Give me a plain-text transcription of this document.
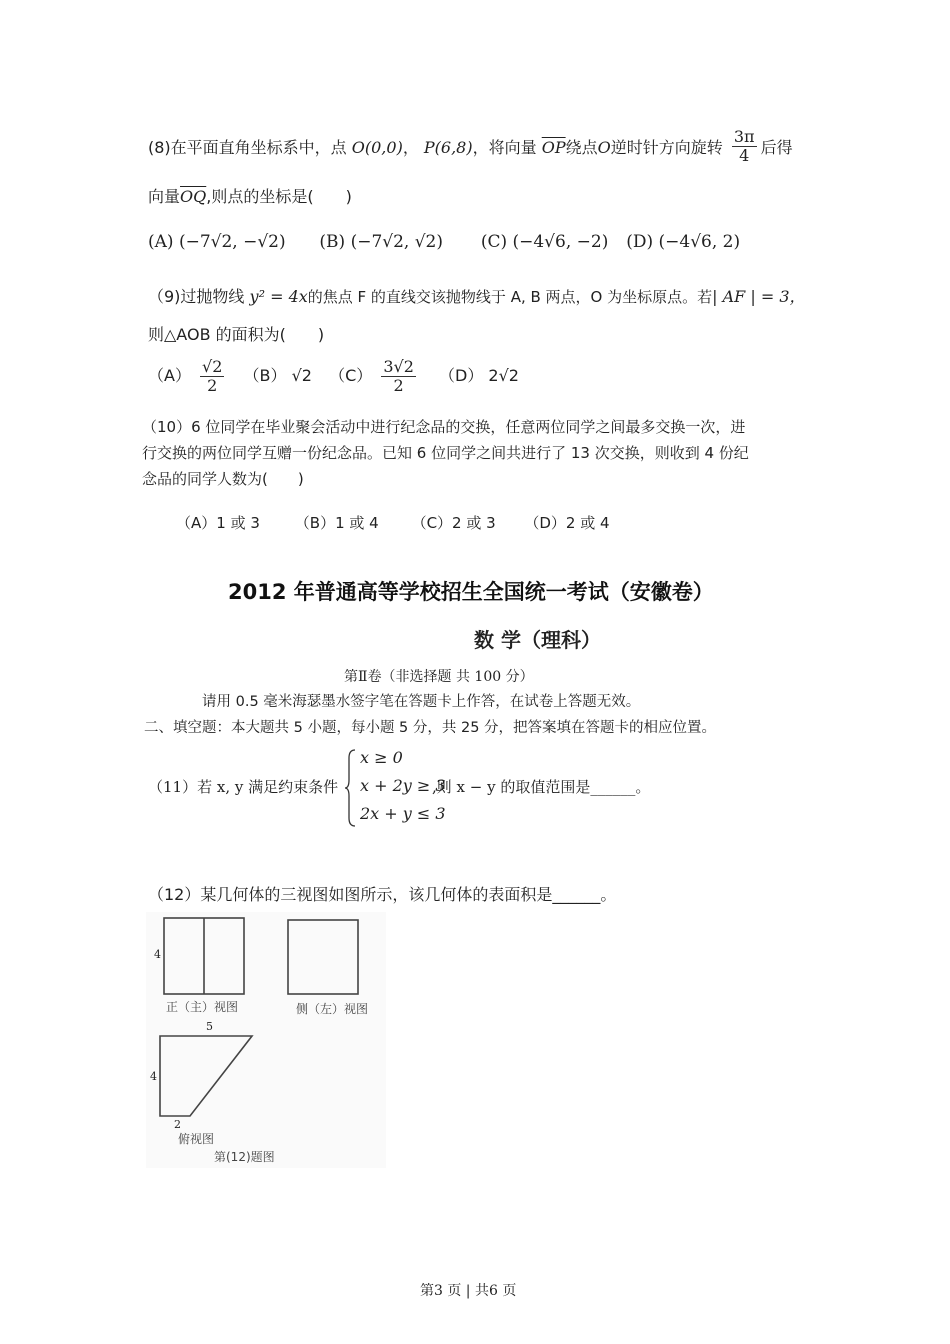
(8)在平面直角坐标系中，点 O(0,0)， P(6,8)，将向量 $\overline{OP}$绕点O逆时针方向旋转 $\frac{3\pi}{4}$ 后得
向量$\overline{OQ}$,则点的坐标是(　　)
(A) (−7√2, −√2) (B) (−7√2, √2) (C) (−4√6, −2) (D) (−4√6, 2)
（9)过抛物线 y² = 4x的焦点 F 的直线交该抛物线于 A, B 两点，O 为坐标原点。若| AF | = 3，
则△AOB 的面积为(　　)
$(A) \frac{√2}{2} (B)$ √2 $(C) \frac{3√2}{2} (D)$ 2√2
（10）6 位同学在毕业聚会活动中进行纪念品的交换，任意两位同学之间最多交换一次，进
行交换的两位同学互赠一份纪念品。已知 6 位同学之间共进行了 13 次交换，则收到 4 份纪
念品的同学人数为(　　)
（A）1 或 3 （B）1 或 4 （C）2 或 3 （D）2 或 4
2012 年普通高等学校招生全国统一考试（安徽卷）
数 学（理科）
第Ⅱ卷（非选择题 共 100 分）
请用 0.5 毫米海瑟墨水签字笔在答题卡上作答，在试卷上答题无效。
二、填空题：本大题共 5 小题，每小题 5 分，共 25 分，把答案填在答题卡的相应位置。
（11）若 x, y 满足约束条件
x ≥ 0
x + 2y ≥ 3
2x + y ≤ 3
,则 x − y 的取值范围是______。
（12）某几何体的三视图如图所示，该几何体的表面积是______。
4
正（主）视图	侧（左）视图
5
4
2
俯视图
第(12)题图
第3 页 | 共6 页
